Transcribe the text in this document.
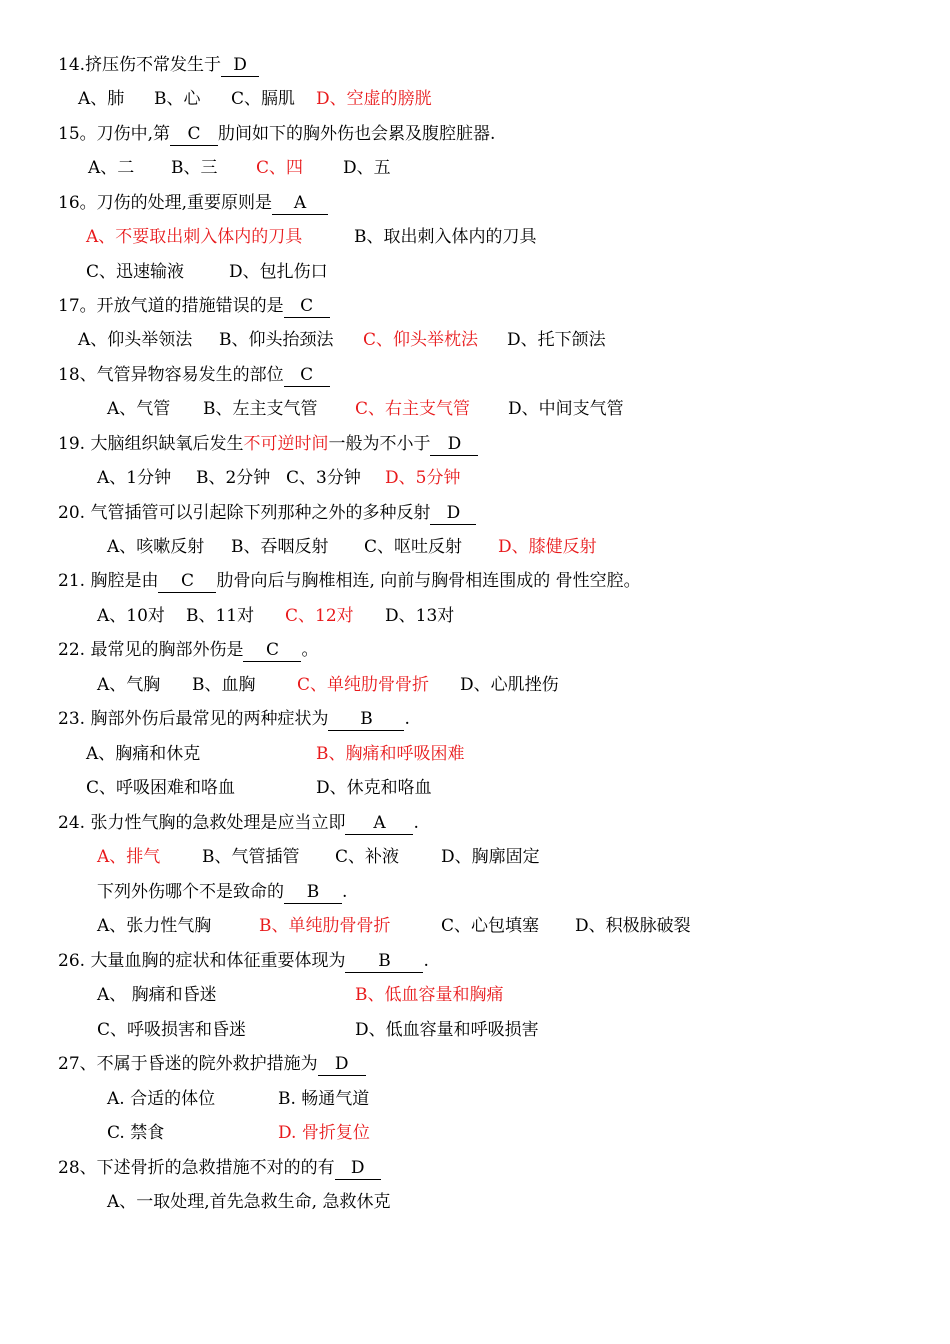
14.挤压伤不常发生于 D
A、肺 B、心 C、膈肌 D、空虚的膀胱
15。刀伤中,第 C 肋间如下的胸外伤也会累及腹腔脏器.
A、二 B、三 C、四 D、五
16。刀伤的处理,重要原则是 A
A、不要取出刺入体内的刀具	B、取出刺入体内的刀具
C、迅速输液	D、包扎伤口
17。开放气道的措施错误的是 C
A、仰头举领法 B、仰头抬颈法 C、仰头举枕法 D、托下颌法
18、气管异物容易发生的部位 C
A、气管 B、左主支气管 C、右主支气管 D、中间支气管
19. 大脑组织缺氧后发生不可逆时间一般为不小于 D
A、1分钟 B、2分钟 C、3分钟 D、5分钟
20. 气管插管可以引起除下列那种之外的多种反射 D
A、咳嗽反射 B、吞咽反射 C、呕吐反射 D、膝健反射
21. 胸腔是由 C 肋骨向后与胸椎相连, 向前与胸骨相连围成的 骨性空腔。
A、10对 B、11对 C、12对 D、13对
22. 最常见的胸部外伤是 C 。
A、气胸 B、血胸 C、单纯肋骨骨折 D、心肌挫伤
23. 胸部外伤后最常见的两种症状为 B .
A、胸痛和休克	B、胸痛和呼吸困难
C、呼吸困难和咯血	D、休克和咯血
24. 张力性气胸的急救处理是应当立即 A .
A、排气 B、气管插管 C、补液 D、胸廓固定
下列外伤哪个不是致命的 B .
A、张力性气胸	B、单纯肋骨骨折	C、心包填塞 D、积极脉破裂
26. 大量血胸的症状和体征重要体现为 B .
A、 胸痛和昏迷	B、低血容量和胸痛
C、呼吸损害和昏迷	D、低血容量和呼吸损害
27、不属于昏迷的院外救护措施为 D
A. 合适的体位	B. 畅通气道
C. 禁食	D. 骨折复位
28、下述骨折的急救措施不对的的有 D
A、一取处理,首先急救生命, 急救休克
